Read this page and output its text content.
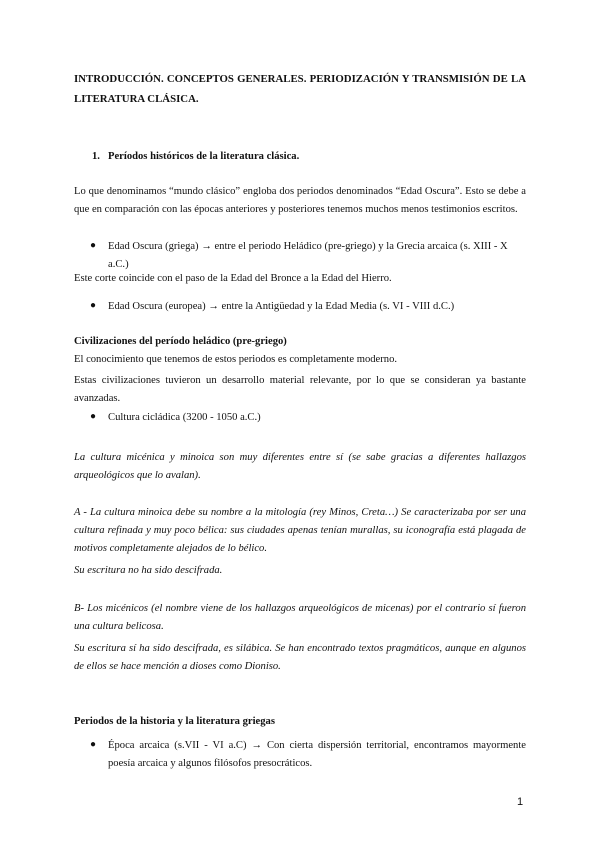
INTRODUCCIÓN. CONCEPTOS GENERALES. PERIODIZACIÓN Y TRANSMISIÓN DE LA LITERATURA CLÁSICA.
1. Períodos históricos de la literatura clásica.
Lo que denominamos “mundo clásico” engloba dos periodos denominados “Edad Oscura”. Esto se debe a que en comparación con las épocas anteriores y posteriores tenemos muchos menos testimonios escritos.
● Edad Oscura (griega) → entre el periodo Heládico (pre-griego) y la Grecia arcaica (s. XIII - X a.C.)
Este corte coincide con el paso de la Edad del Bronce a la Edad del Hierro.
● Edad Oscura (europea) → entre la Antigüedad y la Edad Media (s. VI - VIII d.C.)
Civilizaciones del período heládico (pre-griego)
El conocimiento que tenemos de estos periodos es completamente moderno.
Estas civilizaciones tuvieron un desarrollo material relevante, por lo que se consideran ya bastante avanzadas.
● Cultura cicládica (3200 - 1050 a.C.)
La cultura micénica y minoica son muy diferentes entre sí (se sabe gracias a diferentes hallazgos arqueológicos que lo avalan).
A - La cultura minoica debe su nombre a la mitología (rey Minos, Creta…) Se caracterizaba por ser una cultura refinada y muy poco bélica: sus ciudades apenas tenían murallas, su iconografía está plagada de motivos completamente alejados de lo bélico.
Su escritura no ha sido descifrada.
B- Los micénicos (el nombre viene de los hallazgos arqueológicos de micenas) por el contrario sí fueron una cultura belicosa.
Su escritura sí ha sido descifrada, es silábica. Se han encontrado textos pragmáticos, aunque en algunos de ellos se hace mención a dioses como Dioniso.
Periodos de la historia y la literatura griegas
● Época arcaica (s.VII - VI a.C) → Con cierta dispersión territorial, encontramos mayormente poesía arcaica y algunos filósofos presocráticos.
1
